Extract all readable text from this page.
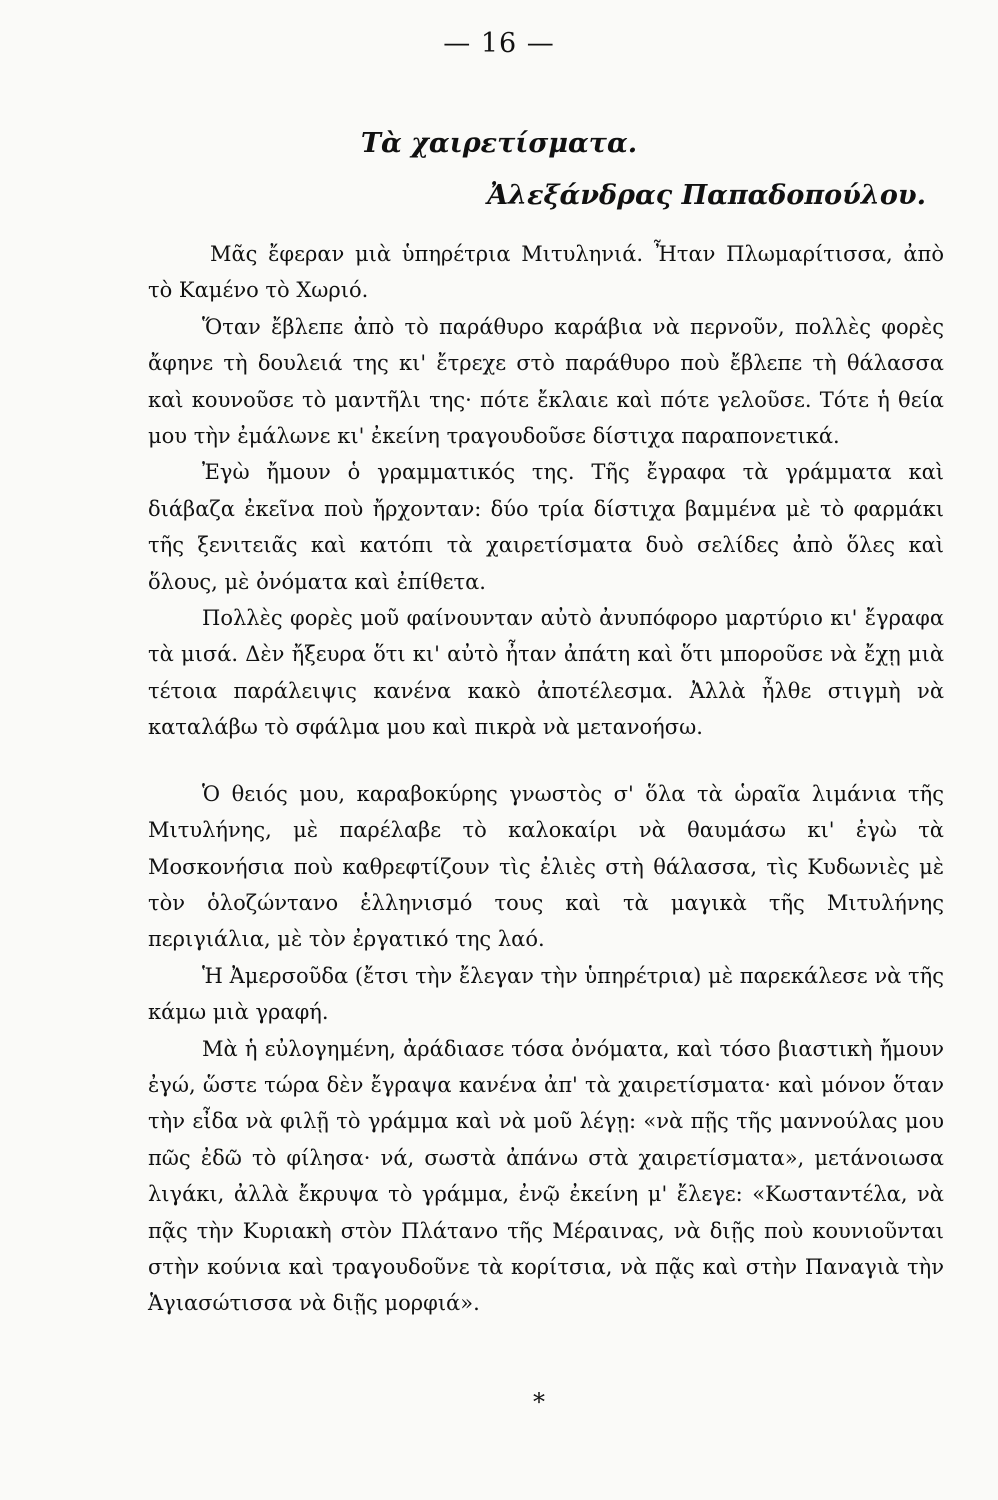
— 16 —
Τὰ χαιρετίσματα.
Ἀλεξάνδρας Παπαδοπούλου.

Μᾶς ἔφεραν μιὰ ὑπηρέτρια Μιτυληνιά. Ἦταν Πλωμαρίτισσα, ἀπὸ τὸ Καμένο τὸ Χωριό.

Ὅταν ἔβλεπε ἀπὸ τὸ παράθυρο καράβια νὰ περνοῦν, πολλὲς φορὲς ἄφηνε τὴ δουλειά της κι' ἔτρεχε στὸ παράθυρο ποὺ ἔβλεπε τὴ θάλασσα καὶ κουνοῦσε τὸ μαντῆλι της· πότε ἔκλαιε καὶ πότε γελοῦσε. Τότε ἡ θεία μου τὴν ἐμάλωνε κι' ἐκείνη τραγουδοῦσε δίστιχα παραπονετικά.

Ἐγὼ ἤμουν ὁ γραμματικός της. Τῆς ἔγραφα τὰ γράμματα καὶ διάβαζα ἐκεῖνα ποὺ ἤρχονταν: δύο τρία δίστιχα βαμμένα μὲ τὸ φαρμάκι τῆς ξενιτειᾶς καὶ κατόπι τὰ χαιρετίσματα δυὸ σελίδες ἀπὸ ὅλες καὶ ὅλους, μὲ ὀνόματα καὶ ἐπίθετα.

Πολλὲς φορὲς μοῦ φαίνουνταν αὐτὸ ἀνυπόφορο μαρτύριο κι' ἔγραφα τὰ μισά. Δὲν ἤξευρα ὅτι κι' αὐτὸ ἦταν ἀπάτη καὶ ὅτι μποροῦσε νὰ ἔχῃ μιὰ τέτοια παράλειψις κανένα κακὸ ἀποτέλεσμα. Ἀλλὰ ἦλθε στιγμὴ νὰ καταλάβω τὸ σφάλμα μου καὶ πικρὰ νὰ μετανοήσω.

Ὁ θειός μου, καραβοκύρης γνωστὸς σ' ὅλα τὰ ὡραῖα λιμάνια τῆς Μιτυλήνης, μὲ παρέλαβε τὸ καλοκαίρι νὰ θαυμάσω κι' ἐγὼ τὰ Μοσκονήσια ποὺ καθρεφτίζουν τὶς ἐλιὲς στὴ θάλασσα, τὶς Κυδωνιὲς μὲ τὸν ὁλοζώντανο ἑλληνισμό τους καὶ τὰ μαγικὰ τῆς Μιτυλήνης περιγιάλια, μὲ τὸν ἐργατικό της λαό.

Ἡ Ἀμερσοῦδα (ἔτσι τὴν ἔλεγαν τὴν ὑπηρέτρια) μὲ παρεκάλεσε νὰ τῆς κάμω μιὰ γραφή.

Μὰ ἡ εὐλογημένη, ἀράδιασε τόσα ὀνόματα, καὶ τόσο βιαστικὴ ἤμουν ἐγώ, ὥστε τώρα δὲν ἔγραψα κανένα ἀπ' τὰ χαιρετίσματα· καὶ μόνον ὅταν τὴν εἶδα νὰ φιλῇ τὸ γράμμα καὶ νὰ μοῦ λέγῃ: «νὰ πῇς τῆς μαννούλας μου πῶς ἐδῶ τὸ φίλησα· νά, σωστὰ ἀπάνω στὰ χαιρετίσματα», μετάνοιωσα λιγάκι, ἀλλὰ ἔκρυψα τὸ γράμμα, ἐνῷ ἐκείνη μ' ἔλεγε: «Κωσταντέλα, νὰ πᾷς τὴν Κυριακὴ στὸν Πλάτανο τῆς Μέραινας, νὰ διῇς ποὺ κουνιοῦνται στὴν κούνια καὶ τραγουδοῦνε τὰ κορίτσια, νὰ πᾷς καὶ στὴν Παναγιὰ τὴν Ἁγιασώτισσα νὰ διῇς μορφιά».

*
